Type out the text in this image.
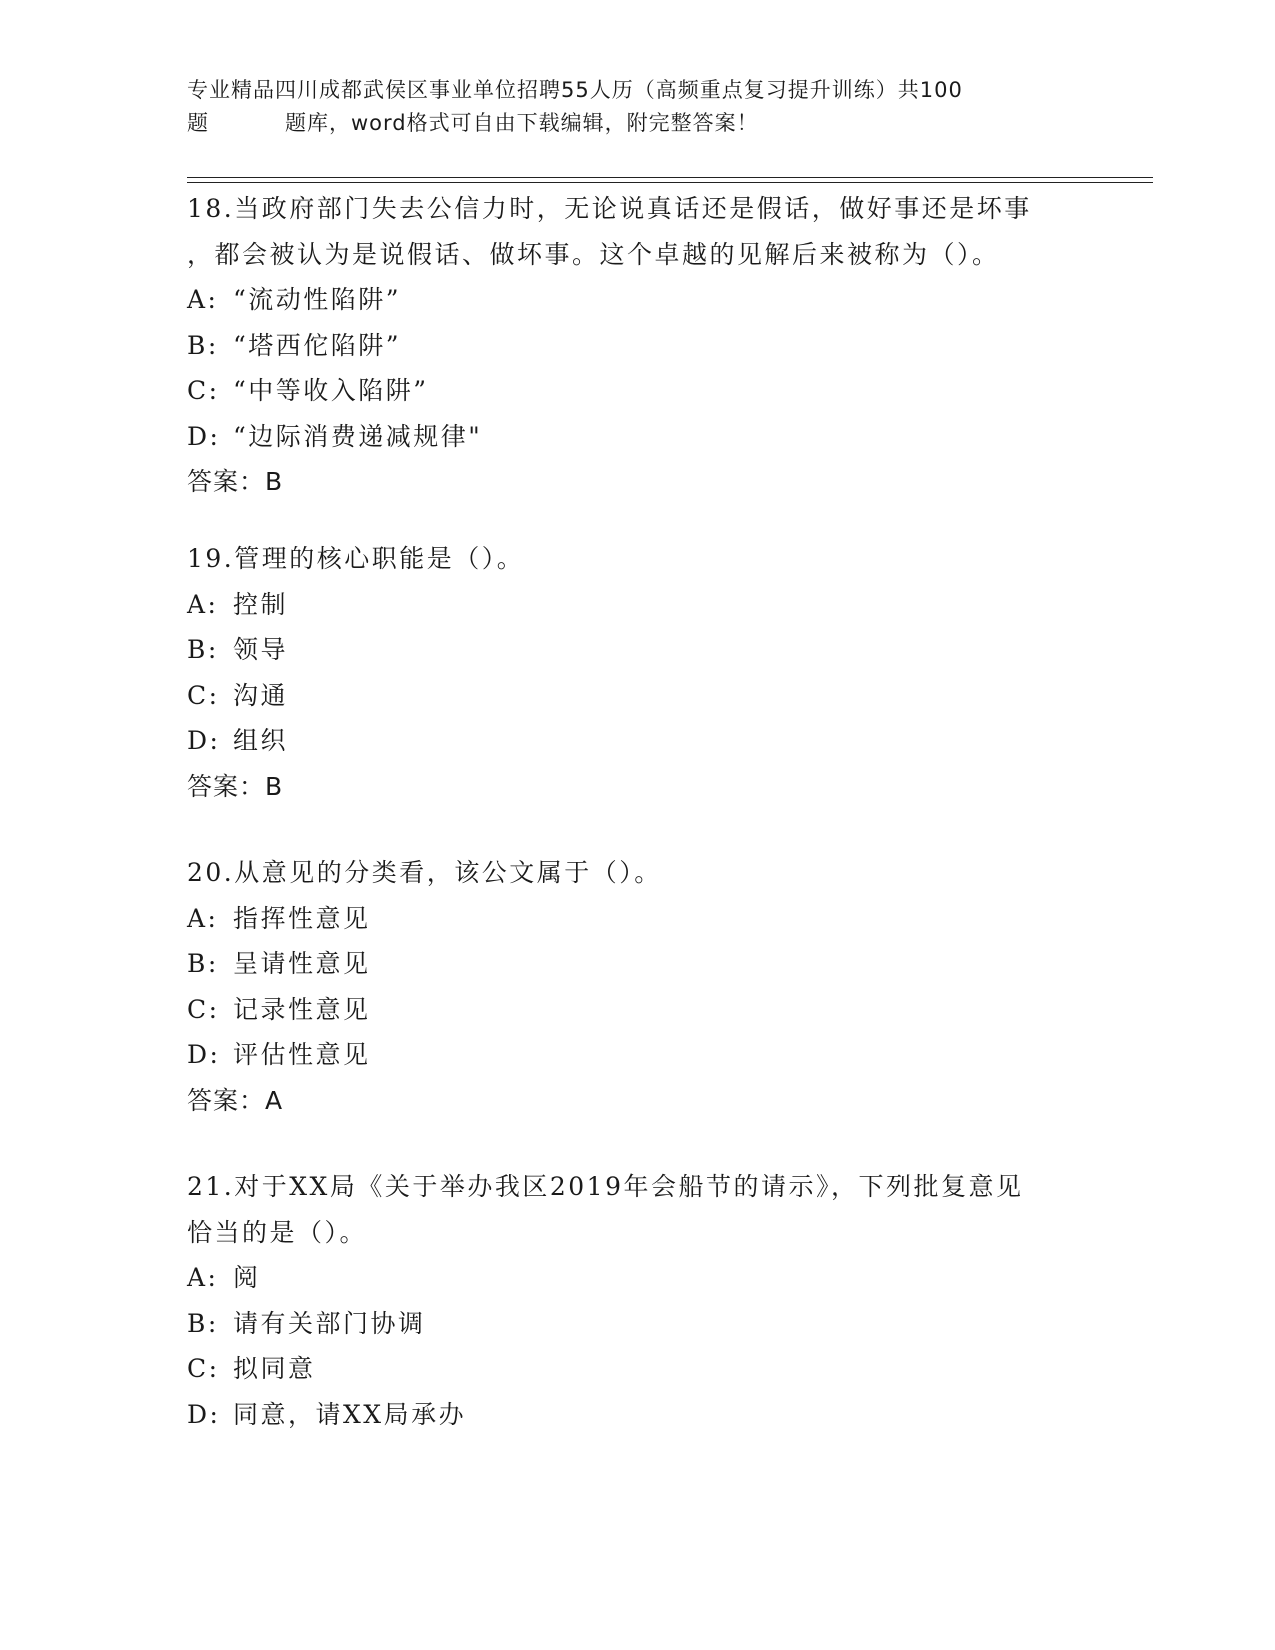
专业精品四川成都武侯区事业单位招聘55人历（高频重点复习提升训练）共100
题	题库，word格式可自由下载编辑，附完整答案！
18.当政府部门失去公信力时，无论说真话还是假话，做好事还是坏事
，都会被认为是说假话、做坏事。这个卓越的见解后来被称为（）。
A: “流动性陷阱”
B: “塔西佗陷阱”
C: “中等收入陷阱”
D: “边际消费递减规律"
答案：B
19.管理的核心职能是（）。
A: 控制
B: 领导
C: 沟通
D: 组织
答案：B
20.从意见的分类看，该公文属于（）。
A: 指挥性意见
B: 呈请性意见
C: 记录性意见
D: 评估性意见
答案：A
21.对于XX局《关于举办我区2019年会船节的请示》，下列批复意见
恰当的是（）。
A: 阅
B: 请有关部门协调
C: 拟同意
D: 同意，请XX局承办
